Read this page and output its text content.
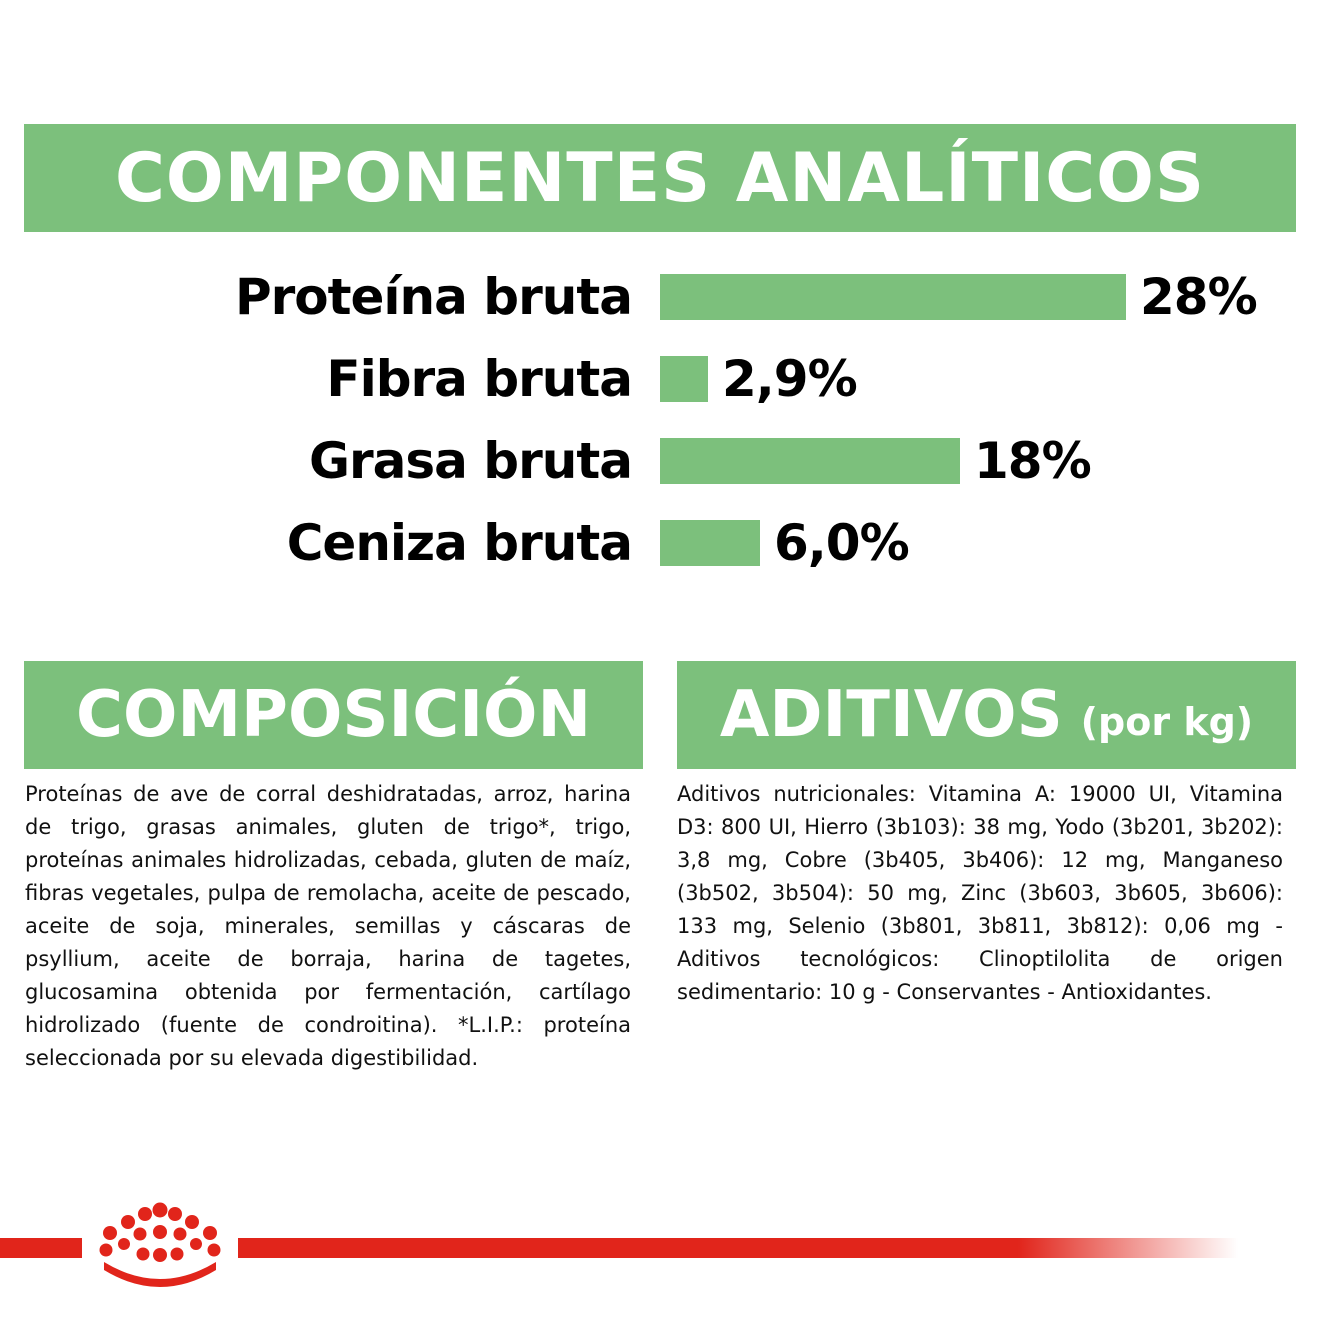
COMPONENTES ANALÍTICOS
Proteína bruta	28%
Fibra bruta 2,9%
Grasa bruta	18%
Ceniza bruta	6,0%
COMPOSICIÓN ADITIVOS (por kg)
Proteínas de ave de corral deshidratadas, arroz, harina de trigo, grasas animales, gluten de trigo*, trigo, proteínas animales hidrolizadas, cebada, gluten de maíz, fibras vegetales, pulpa de remolacha, aceite de pescado, aceite de soja, minerales, semillas y cáscaras de psyllium, aceite de borraja, harina de tagetes, glucosamina obtenida por fermentación, cartílago hidrolizado (fuente de condroitina). *L.I.P.: proteína seleccionada por su elevada digestibilidad.
Aditivos nutricionales: Vitamina A: 19000 UI, Vitamina D3: 800 UI, Hierro (3b103): 38 mg, Yodo (3b201, 3b202): 3,8 mg, Cobre (3b405, 3b406): 12 mg, Manganeso (3b502, 3b504): 50 mg, Zinc (3b603, 3b605, 3b606): 133 mg, Selenio (3b801, 3b811, 3b812): 0,06 mg - Aditivos tecnológicos: Clinoptilolita de origen sedimentario: 10 g - Conservantes - Antioxidantes.
